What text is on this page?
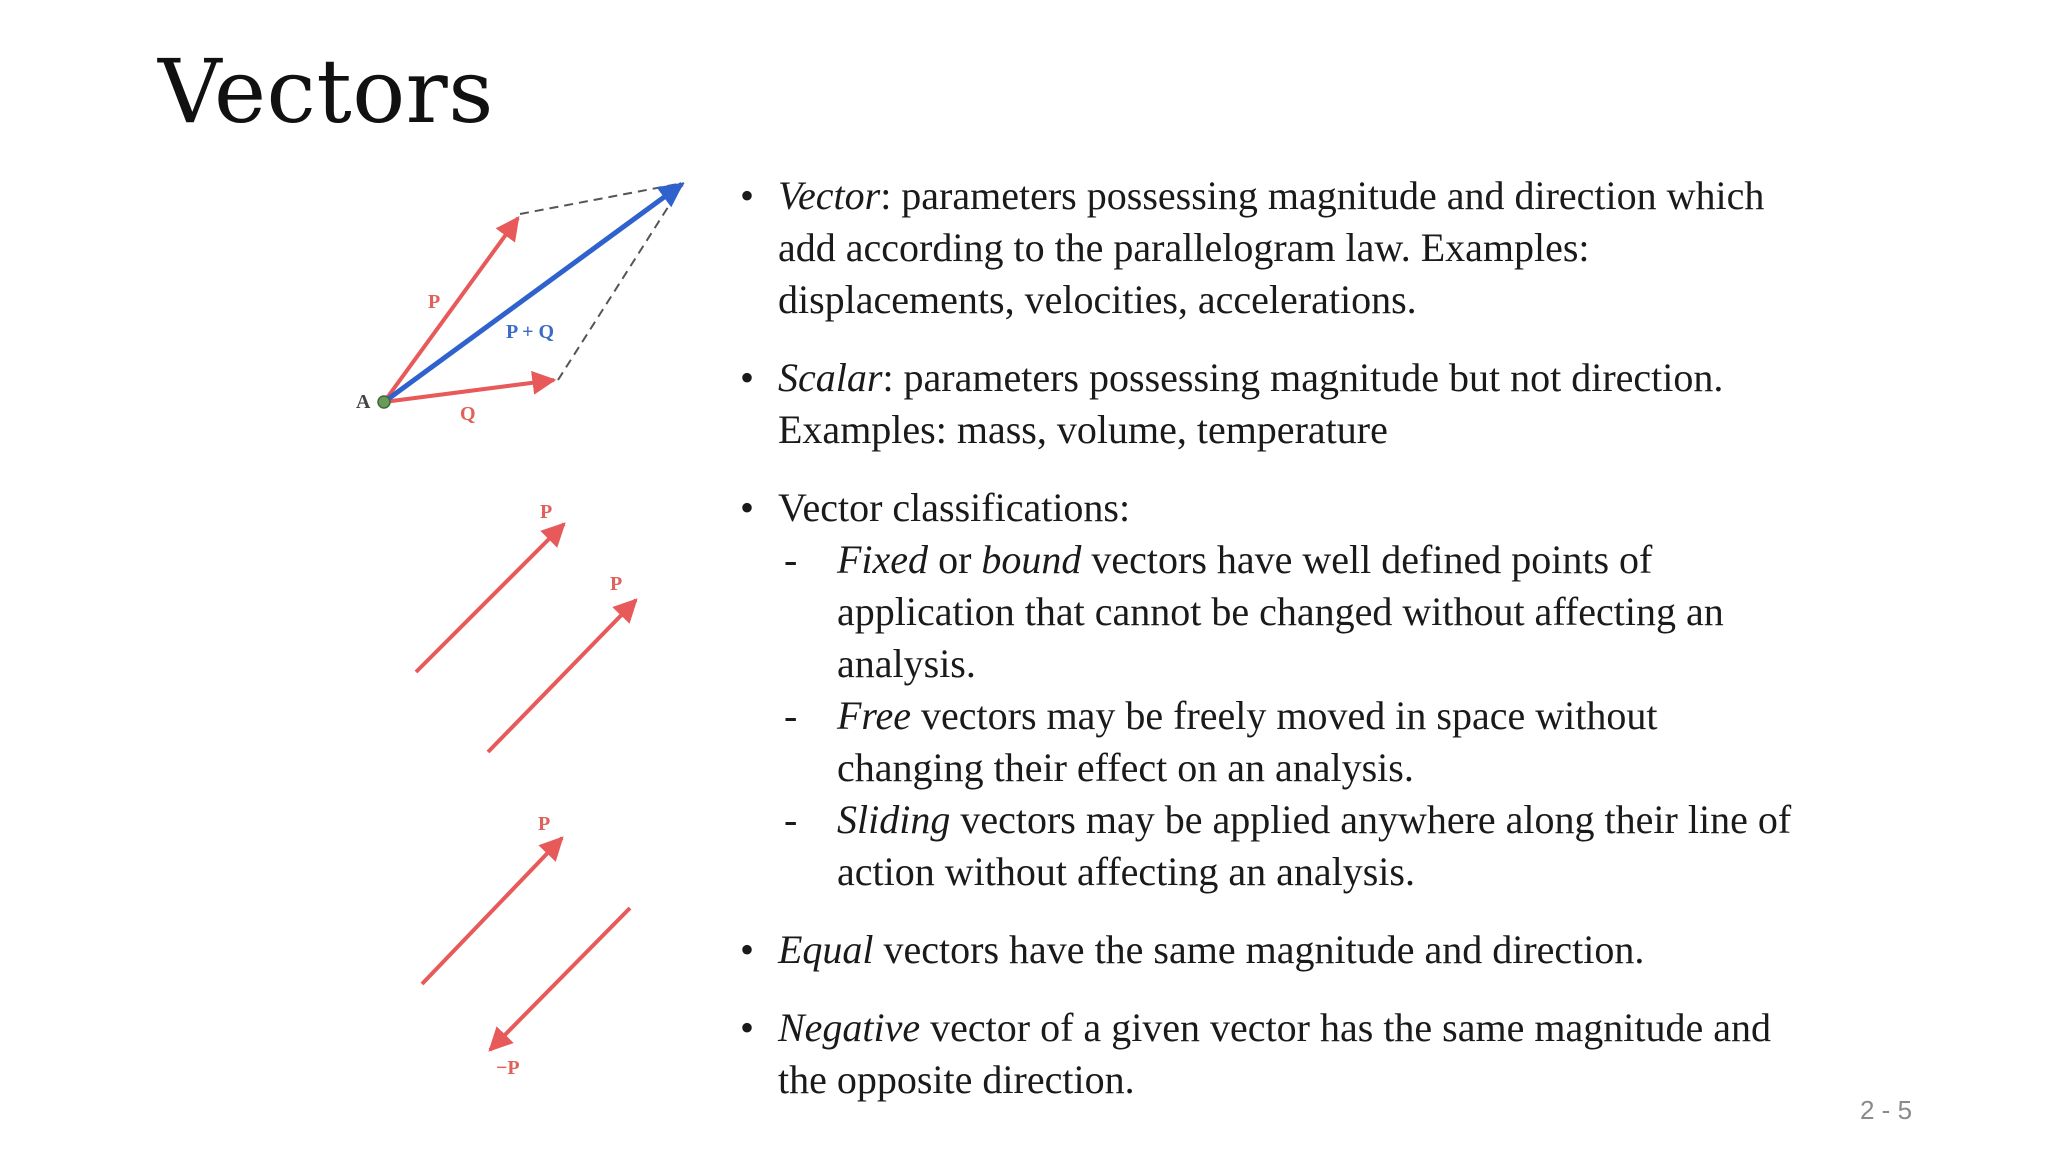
Vectors
P
P + Q
A
Q
P
P
P
−P
• Vector: parameters possessing magnitude and direction which add according to the parallelogram law. Examples: displacements, velocities, accelerations.
• Scalar: parameters possessing magnitude but not direction. Examples: mass, volume, temperature
• Vector classifications:
- Fixed or bound vectors have well defined points of application that cannot be changed without affecting an analysis.
- Free vectors may be freely moved in space without changing their effect on an analysis.
- Sliding vectors may be applied anywhere along their line of action without affecting an analysis.
• Equal vectors have the same magnitude and direction.
• Negative vector of a given vector has the same magnitude and the opposite direction.
2 - 5
